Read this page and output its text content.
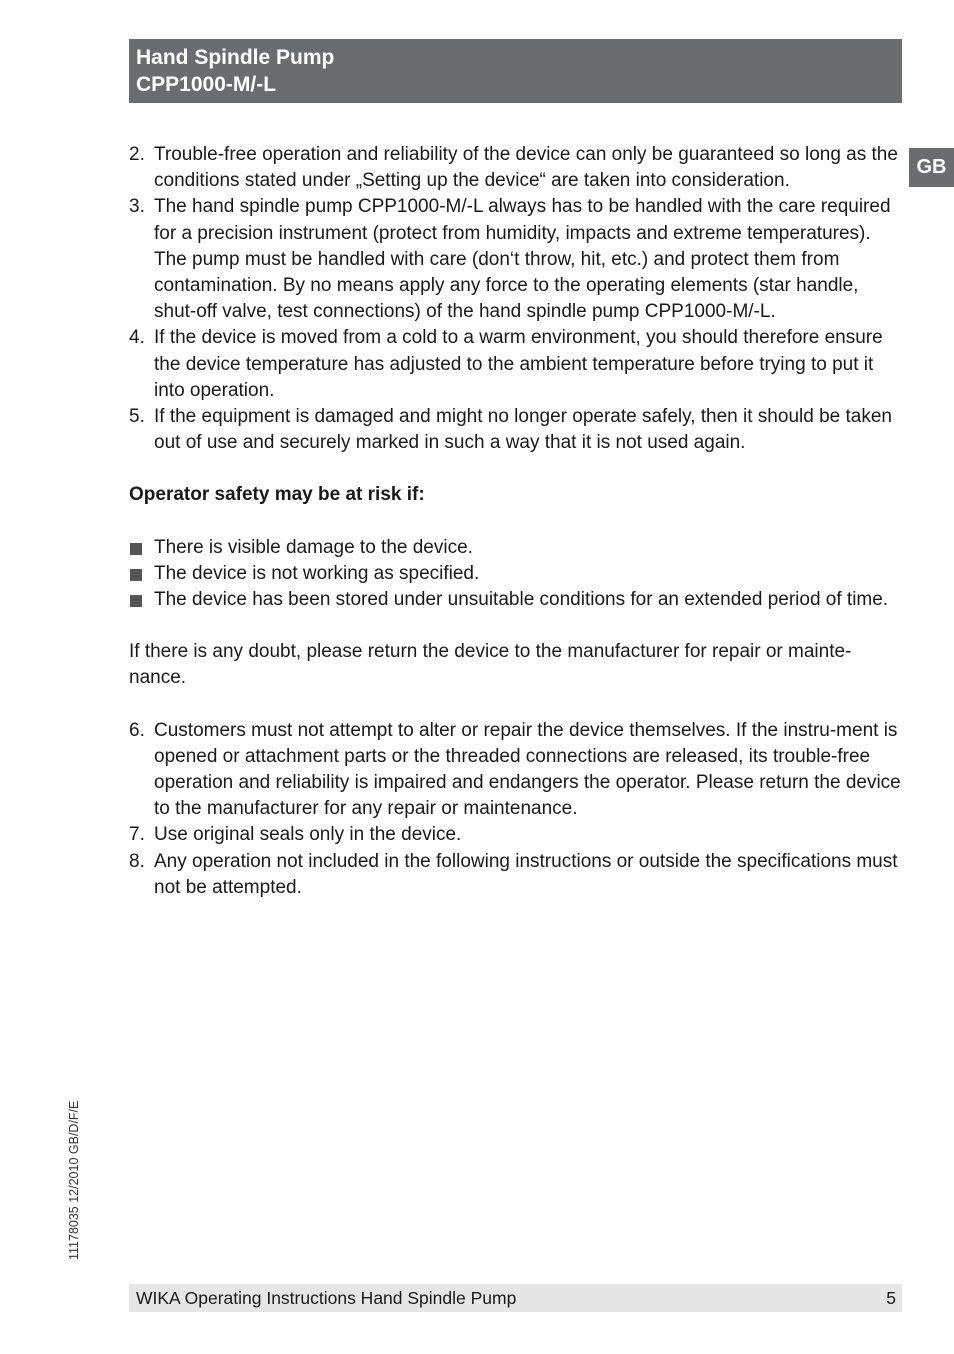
Hand Spindle Pump
CPP1000-M/-L
GB
2. Trouble-free operation and reliability of the device can only be guaranteed so long as the conditions stated under „Setting up the device“ are taken into consideration.
3. The hand spindle pump CPP1000-M/-L always has to be handled with the care required for a precision instrument (protect from humidity, impacts and extreme temperatures). The pump must be handled with care (don‘t throw, hit, etc.) and protect them from contamination. By no means apply any force to the operating elements (star handle, shut-off valve, test connections) of the hand spindle pump CPP1000-M/-L.
4. If the device is moved from a cold to a warm environment, you should therefore ensure the device temperature has adjusted to the ambient temperature before trying to put it into operation.
5. If the equipment is damaged and might no longer operate safely, then it should be taken out of use and securely marked in such a way that it is not used again.

Operator safety may be at risk if:

There is visible damage to the device.
The device is not working as specified.
The device has been stored under unsuitable conditions for an extended period of time.

If there is any doubt, please return the device to the manufacturer for repair or mainte-nance.

6. Customers must not attempt to alter or repair the device themselves. If the instru-ment is opened or attachment parts or the threaded connections are released, its trouble-free operation and reliability is impaired and endangers the operator. Please return the device to the manufacturer for any repair or maintenance.
7. Use original seals only in the device.
8. Any operation not included in the following instructions or outside the specifications must not be attempted.
11178035 12/2010 GB/D/F/E
WIKA Operating Instructions Hand Spindle Pump	5
